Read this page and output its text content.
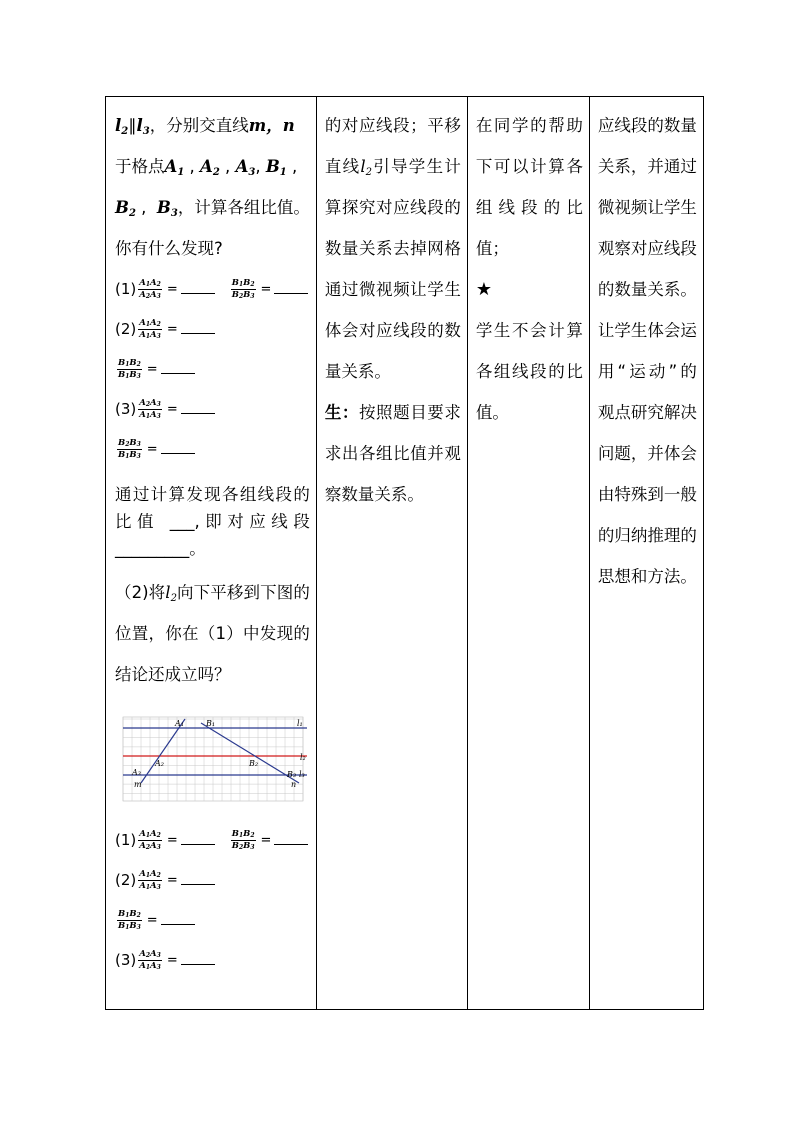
$l_2\parallel l_3$，分别交直线m，n
于格点$A_1$ , $A_2$ , $A_3$, $B_1$ ,
$B_2$ ,  $B_3$，计算各组比值。
你有什么发现?
$(1) \frac{A_1A_2}{A_2A_3}$ =	$\frac{B_1B_2}{B_2B_3}$ =
$(2) \frac{A_1A_2}{A_1A_3}$ =
$\frac{B_1B_2}{B_1B_3}$ =
$(3) \frac{A_2A_3}{A_1A_3}$ =
$\frac{B_2B_3}{B_1B_3}$ =
通过计算发现各组线段的比值 ___,即对应线段 _________。
（2)将$l_2$向下平移到下图的位置，你在（1）中发现的结论还成立吗？
A₁	B₁	l₁
A₂	B₂
l₂
A₃	B₃ l₃
m	n
$(1) \frac{A_1A_2}{A_2A_3}$ =	$\frac{B_1B_2}{B_2B_3}$ =
$(2) \frac{A_1A_2}{A_1A_3}$ =
$\frac{B_1B_2}{B_1B_3}$ =
$(3) \frac{A_2A_3}{A_1A_3}$ =

的对应线段；平移直线$l_2$引导学生计算探究对应线段的数量关系去掉网格通过微视频让学生体会对应线段的数量关系。
生：按照题目要求求出各组比值并观察数量关系。

在同学的帮助下可以计算各组线段的比值；
★
学生不会计算各组线段的比值。

应线段的数量关系，并通过微视频让学生观察对应线段的数量关系。让学生体会运用“运动”的观点研究解决问题，并体会由特殊到一般的归纳推理的思想和方法。
